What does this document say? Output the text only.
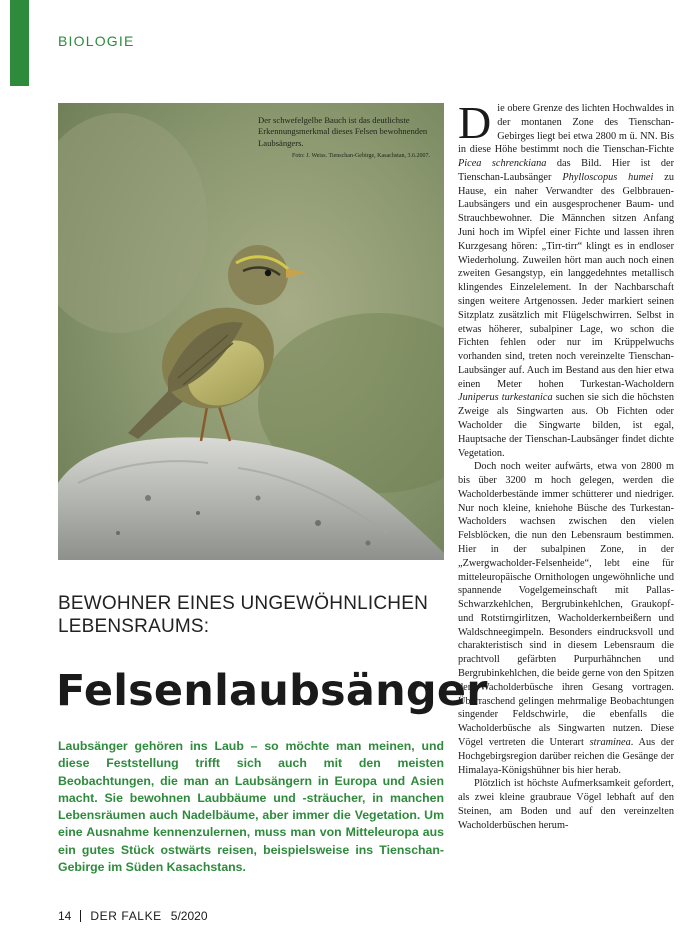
BIOLOGIE
Der schwefelgelbe Bauch ist das deutlichste Erkennungsmerkmal dieses Felsen bewohnenden Laubsängers.
Foto: J. Weiss. Tienschan-Gebirge, Kasachstan, 3.6.2007.
BEWOHNER EINES UNGEWÖHNLICHEN LEBENSRAUMS:
Felsenlaubsänger
Laubsänger gehören ins Laub – so möchte man meinen, und diese Feststellung trifft sich auch mit den meisten Beobachtungen, die man an Laubsängern in Europa und Asien macht. Sie bewohnen Laubbäume und -sträucher, in manchen Lebensräumen auch Nadelbäume, aber immer die Vegetation. Um eine Ausnahme kennenzulernen, muss man von Mitteleuropa aus ein gutes Stück ostwärts reisen, beispielsweise ins Tienschan-Gebirge im Süden Kasachstans.

Die obere Grenze des lichten Hochwaldes in der montanen Zone des Tienschan-Gebirges liegt bei etwa 2800 m ü. NN. Bis in diese Höhe bestimmt noch die Tienschan-Fichte Picea schrenckiana das Bild. Hier ist der Tienschan-Laubsänger Phylloscopus humei zu Hause, ein naher Verwandter des Gelbbrauen-Laubsängers und ein ausgesprochener Baum- und Strauchbewohner. Die Männchen sitzen Anfang Juni hoch im Wipfel einer Fichte und lassen ihren Kurzgesang hören: „Tirr-tirr“ klingt es in endloser Wiederholung. Zuweilen hört man auch noch einen zweiten Gesangstyp, ein langgedehntes metallisch klingendes Einzelelement. In der Nachbarschaft singen weitere Artgenossen. Jeder markiert seinen Sitzplatz zusätzlich mit Flügelschwirren. Selbst in etwas höherer, subalpiner Lage, wo schon die Fichten fehlen oder nur im Krüppelwuchs vorhanden sind, treten noch vereinzelte Tienschan-Laubsänger auf. Auch im Bestand aus den hier etwa einen Meter hohen Turkestan-Wacholdern Juniperus turkestanica suchen sie sich die höchsten Zweige als Singwarten aus. Ob Fichten oder Wacholder die Singwarte bilden, ist egal, Hauptsache der Tienschan-Laubsänger findet dichte Vegetation.

Doch noch weiter aufwärts, etwa von 2800 m bis über 3200 m hoch gelegen, werden die Wacholderbestände immer schütterer und niedriger. Nur noch kleine, kniehohe Büsche des Turkestan-Wacholders wachsen zwischen den vielen Felsblöcken, die nun den Lebensraum bestimmen. Hier in der subalpinen Zone, in der „Zwergwacholder-Felsenheide“, lebt eine für mitteleuropäische Ornithologen ungewöhnliche und spannende Vogelgemeinschaft mit Pallas-Schwarzkehlchen, Bergrubinkehlchen, Graukopf- und Rotstirngirlitzen, Wacholderkernbeißern und Waldschneegimpeln. Besonders eindrucksvoll und charakteristisch sind in diesem Lebensraum die prachtvoll gefärbten Purpurhähnchen und Bergrubinkehlchen, die beide gerne von den Spitzen der Wacholderbüsche ihren Gesang vortragen. Überraschend gelingen mehrmalige Beobachtungen singender Feldschwirle, die ebenfalls die Wacholderbüsche als Singwarten nutzen. Diese Vögel vertreten die Unterart straminea. Aus der Hochgebirgsregion darüber reichen die Gesänge der Himalaya-Königshühner bis hier herab.

Plötzlich ist höchste Aufmerksamkeit gefordert, als zwei kleine graubraue Vögel lebhaft auf den Steinen, am Boden und auf den vereinzelten Wacholderbüschen herum-

14 DER FALKE 5/2020
